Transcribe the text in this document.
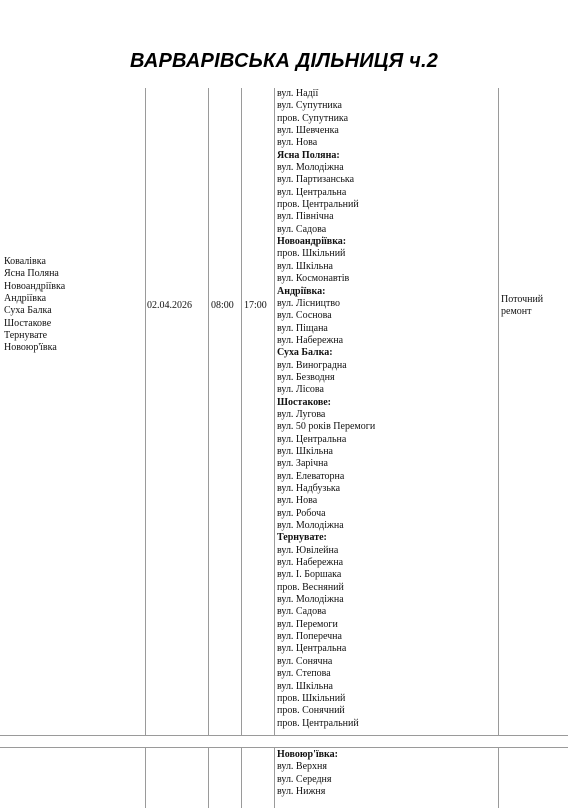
ВАРВАРІВСЬКА ДІЛЬНИЦЯ ч.2
Ковалівка
Ясна Поляна
Новоандріївка
Андріївка
Суха Балка
Шостакове
Тернувате
Новоюр'ївка
02.04.2026 08:00 17:00
Поточний
ремонт
вул. Надії
вул. Супутника
пров. Супутника
вул. Шевченка
вул. Нова
Ясна Поляна:
вул. Молодіжна
вул. Партизанська
вул. Центральна
пров. Центральний
вул. Північна
вул. Садова
Новоандріївка:
пров. Шкільний
вул. Шкільна
вул. Космонавтів
Андріївка:
вул. Лісництво
вул. Соснова
вул. Піщана
вул. Набережна
Суха Балка:
вул. Виноградна
вул. Безводня
вул. Лісова
Шостакове:
вул. Лугова
вул. 50 років Перемоги
вул. Центральна
вул. Шкільна
вул. Зарічна
вул. Елеваторна
вул. Надбузька
вул. Нова
вул. Робоча
вул. Молодіжна
Тернувате:
вул. Ювілейна
вул. Набережна
вул. І. Боршака
пров. Весняний
вул. Молодіжна
вул. Садова
вул. Перемоги
вул. Поперечна
вул. Центральна
вул. Сонячна
вул. Степова
вул. Шкільна
пров. Шкільний
пров. Сонячний
пров. Центральний
Новоюр'ївка:
вул. Верхня
вул. Середня
вул. Нижня
